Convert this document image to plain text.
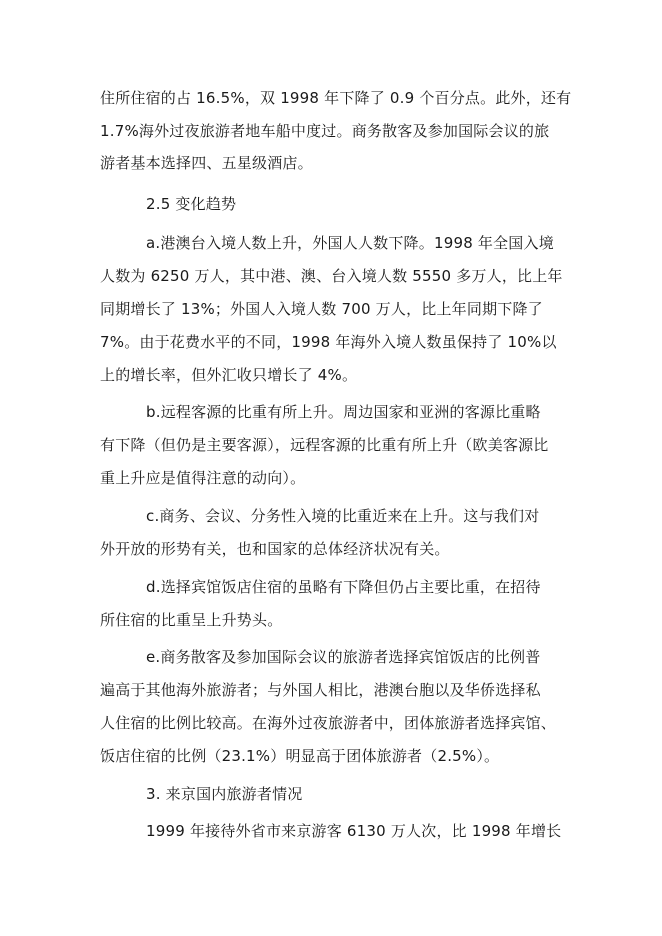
住所住宿的占 16.5%，双 1998 年下降了 0.9 个百分点。此外，还有
1.7%海外过夜旅游者地车船中度过。商务散客及参加国际会议的旅
游者基本选择四、五星级酒店。
2.5 变化趋势
a.港澳台入境人数上升，外国人人数下降。1998 年全国入境
人数为 6250 万人，其中港、澳、台入境人数 5550 多万人，比上年
同期增长了 13%；外国人入境人数 700 万人，比上年同期下降了
7%。由于花费水平的不同，1998 年海外入境人数虽保持了 10%以
上的增长率，但外汇收只增长了 4%。
b.远程客源的比重有所上升。周边国家和亚洲的客源比重略
有下降（但仍是主要客源），远程客源的比重有所上升（欧美客源比
重上升应是值得注意的动向）。
c.商务、会议、分务性入境的比重近来在上升。这与我们对
外开放的形势有关，也和国家的总体经济状况有关。
d.选择宾馆饭店住宿的虽略有下降但仍占主要比重，在招待
所住宿的比重呈上升势头。
e.商务散客及参加国际会议的旅游者选择宾馆饭店的比例普
遍高于其他海外旅游者；与外国人相比，港澳台胞以及华侨选择私
人住宿的比例比较高。在海外过夜旅游者中，团体旅游者选择宾馆、
饭店住宿的比例（23.1%）明显高于团体旅游者（2.5%）。
3. 来京国内旅游者情况
1999 年接待外省市来京游客 6130 万人次，比 1998 年增长
